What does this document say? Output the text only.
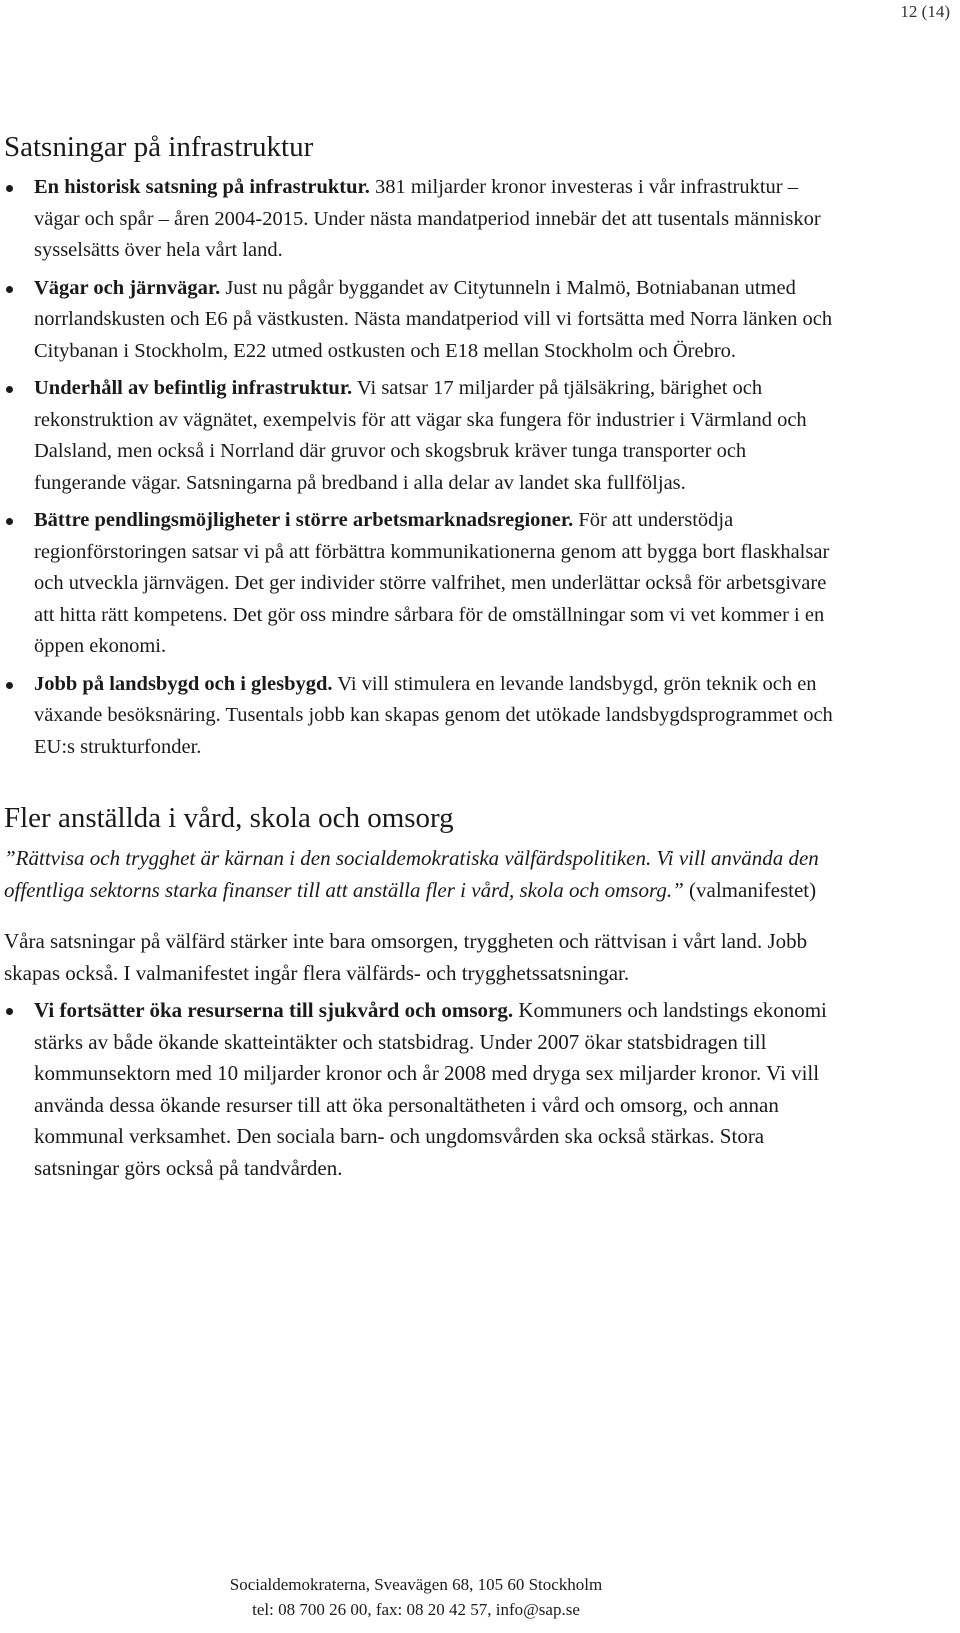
12 (14)
Satsningar på infrastruktur
En historisk satsning på infrastruktur. 381 miljarder kronor investeras i vår infrastruktur – vägar och spår – åren 2004-2015. Under nästa mandatperiod innebär det att tusentals människor sysselsätts över hela vårt land.
Vägar och järnvägar. Just nu pågår byggandet av Citytunneln i Malmö, Botniabanan utmed norrlandskusten och E6 på västkusten. Nästa mandatperiod vill vi fortsätta med Norra länken och Citybanan i Stockholm, E22 utmed ostkusten och E18 mellan Stockholm och Örebro.
Underhåll av befintlig infrastruktur. Vi satsar 17 miljarder på tjälsäkring, bärighet och rekonstruktion av vägnätet, exempelvis för att vägar ska fungera för industrier i Värmland och Dalsland, men också i Norrland där gruvor och skogsbruk kräver tunga transporter och fungerande vägar. Satsningarna på bredband i alla delar av landet ska fullföljas.
Bättre pendlingsmöjligheter i större arbetsmarknadsregioner. För att understödja regionförstoringen satsar vi på att förbättra kommunikationerna genom att bygga bort flaskhalsar och utveckla järnvägen. Det ger individer större valfrihet, men underlättar också för arbetsgivare att hitta rätt kompetens. Det gör oss mindre sårbara för de omställningar som vi vet kommer i en öppen ekonomi.
Jobb på landsbygd och i glesbygd. Vi vill stimulera en levande landsbygd, grön teknik och en växande besöksnäring. Tusentals jobb kan skapas genom det utökade landsbygdsprogrammet och EU:s strukturfonder.
Fler anställda i vård, skola och omsorg

”Rättvisa och trygghet är kärnan i den socialdemokratiska välfärdspolitiken. Vi vill använda den offentliga sektorns starka finanser till att anställa fler i vård, skola och omsorg.” (valmanifestet)

Våra satsningar på välfärd stärker inte bara omsorgen, tryggheten och rättvisan i vårt land. Jobb skapas också. I valmanifestet ingår flera välfärds- och trygghetssatsningar.

Vi fortsätter öka resurserna till sjukvård och omsorg. Kommuners och landstings ekonomi stärks av både ökande skatteintäkter och statsbidrag. Under 2007 ökar statsbidragen till kommunsektorn med 10 miljarder kronor och år 2008 med dryga sex miljarder kronor. Vi vill använda dessa ökande resurser till att öka personaltätheten i vård och omsorg, och annan kommunal verksamhet. Den sociala barn- och ungdomsvården ska också stärkas. Stora satsningar görs också på tandvården.
Socialdemokraterna, Sveavägen 68, 105 60 Stockholm
tel: 08 700 26 00, fax: 08 20 42 57, info@sap.se
